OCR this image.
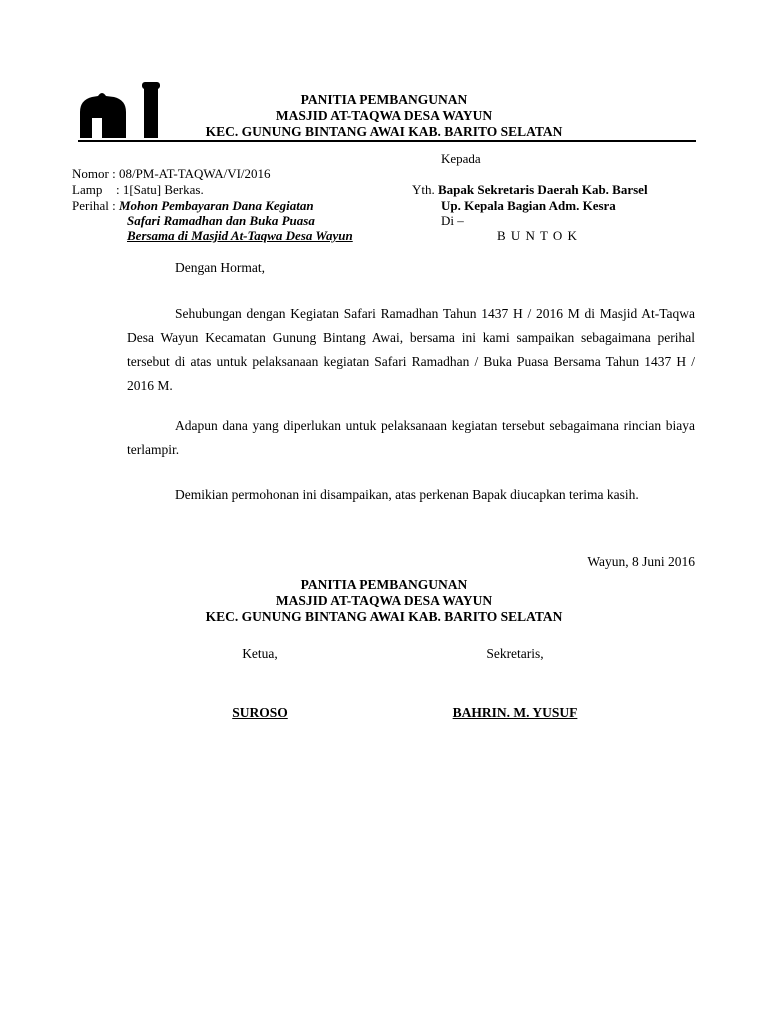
PANITIA PEMBANGUNAN
MASJID AT-TAQWA DESA WAYUN
KEC. GUNUNG BINTANG AWAI KAB. BARITO SELATAN
Kepada
Nomor : 08/PM-AT-TAQWA/VI/2016
Lamp : 1[Satu] Berkas.
Perihal : Mohon Pembayaran Dana Kegiatan
Safari Ramadhan dan Buka Puasa
Bersama di Masjid At-Taqwa Desa Wayun
Yth. Bapak Sekretaris Daerah Kab. Barsel
Up. Kepala Bagian Adm. Kesra
Di –
B U N T O K
Dengan Hormat,
Sehubungan dengan Kegiatan Safari Ramadhan Tahun 1437 H / 2016 M di Masjid At-Taqwa Desa Wayun Kecamatan Gunung Bintang Awai, bersama ini kami sampaikan sebagaimana perihal tersebut di atas untuk pelaksanaan kegiatan Safari Ramadhan / Buka Puasa Bersama Tahun 1437 H / 2016 M.
Adapun dana yang diperlukan untuk pelaksanaan kegiatan tersebut sebagaimana rincian biaya terlampir.
Demikian permohonan ini disampaikan, atas perkenan Bapak diucapkan terima kasih.
Wayun, 8 Juni 2016
PANITIA PEMBANGUNAN
MASJID AT-TAQWA DESA WAYUN
KEC. GUNUNG BINTANG AWAI KAB. BARITO SELATAN
Ketua,	Sekretaris,
SUROSO	BAHRIN. M. YUSUF
